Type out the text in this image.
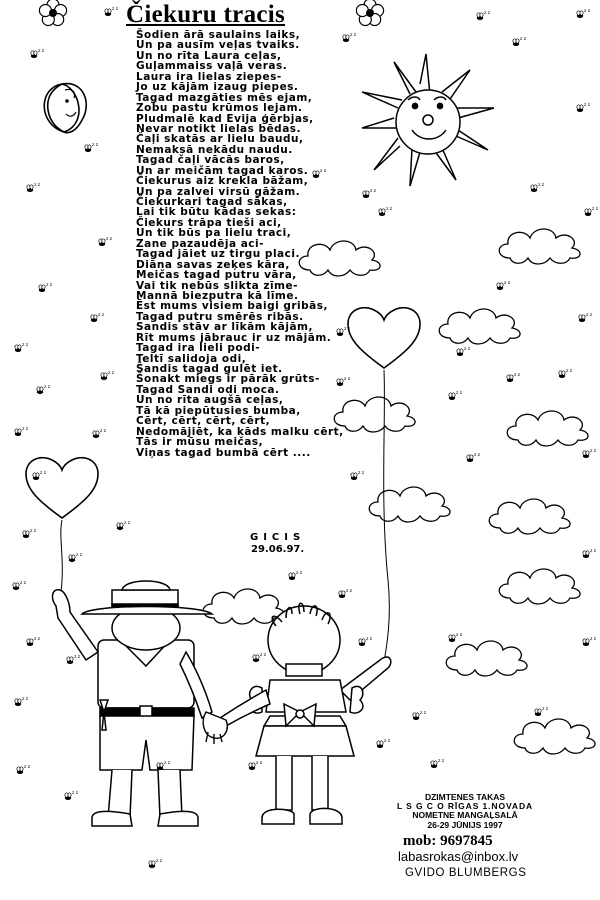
Čiekuru tracis
Šodien ārā saulains laiks,
Un pa ausīm veļas tvaiks.
Un no rīta Laura ceļas,
Guļammaiss vaļā veras.
Laura ira lielas ziepes-
Jo uz kājām izaug piepes.
Tagad mazgāties mēs ejam,
Zobu pastu krūmos lejam.
Pludmalē kad Evija ģērbjas,
Nevar notikt lielas bēdas.
Čaļi skatās ar lielu baudu,
Nemaksā nekādu naudu.
Tagad čaļi vācās baros,
Un ar meičām tagad karos.
Čiekurus aiz krekla bāžam,
Un pa zalvei virsū gāžam.
Čiekurkari tagad sākas,
Lai tik būtu kādas sekas:
Čiekurs trāpa tieši aci,
Un tik būs pa lielu traci,
Zane pazaudēja aci-
Tagad jāiet uz tirgu placi.
Diāna savas zeķes kāra,
Meičas tagad putru vāra,
Vai tik nebūs slikta zīme-
Mannā biezputra kā līme.
Ēst mums visiem baigi gribās,
Tagad putru smērēs ribās.
Sandis stāv ar līkām kājām,
Rīt mums jābrauc ir uz mājām.
Tagad ira lieli podi-
Teltī salidoja odi,
Šandis tagad gulēt iet.
Šonakt miegs ir pārāk grūts-
Tagad Sandi odi moca.
Un no rīta augšā ceļas,
Tā kā piepūtusies bumba,
Cērt, cērt, cērt, cērt,
Nedomājiēt, ka kāds malku cērt,
Tās ir mūsu meičas,
Viņas tagad bumbā cērt ....
GICIS
29.06.97.
DZIMTENES TAKAS
L S G C O RĪGAS 1.NOVADA
NOMETNE MANGAĻSALĀ
26-29 JŪNIJS 1997
mob: 9697845
labasrokas@inbox.lv
GVIDO BLUMBERGS
